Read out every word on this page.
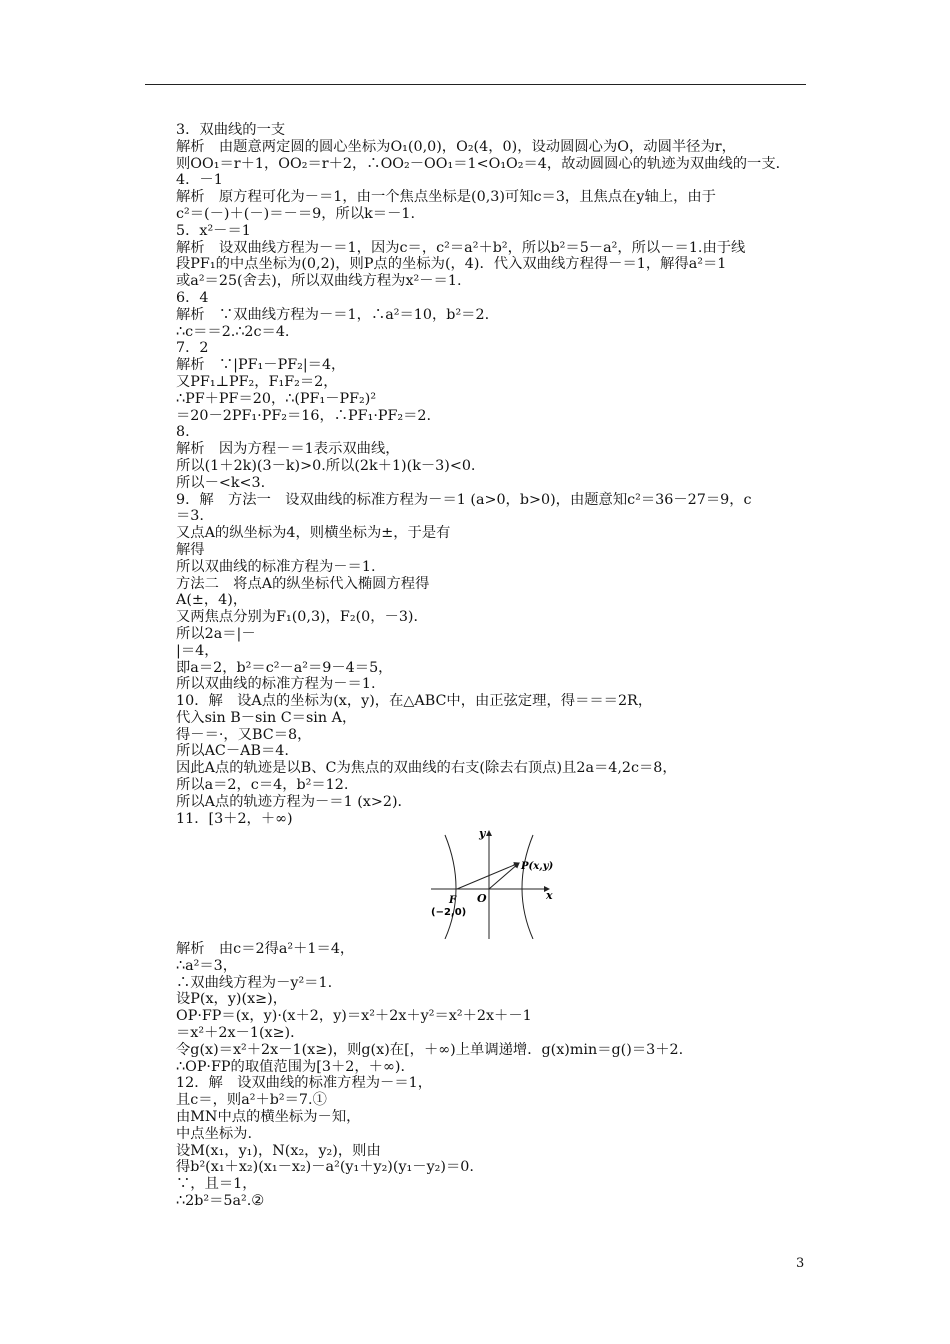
3．双曲线的一支
解析　由题意两定圆的圆心坐标为O₁(0,0)，O₂(4，0)，设动圆圆心为O，动圆半径为r，
则OO₁＝r＋1，OO₂＝r＋2，∴OO₂－OO₁＝1<O₁O₂＝4，故动圆圆心的轨迹为双曲线的一支．
4．－1
解析　原方程可化为－＝1，由一个焦点坐标是(0,3)可知c＝3，且焦点在y轴上，由于
c²＝(－)＋(－)＝－＝9，所以k＝－1.
5．x²－＝1
解析　设双曲线方程为－＝1，因为c＝，c²＝a²＋b²，所以b²＝5－a²，所以－＝1.由于线
段PF₁的中点坐标为(0,2)，则P点的坐标为(，4)．代入双曲线方程得－＝1，解得a²＝1
或a²＝25(舍去)，所以双曲线方程为x²－＝1.
6．4
解析　∵双曲线方程为－＝1，∴a²＝10，b²＝2.
∴c＝＝2.∴2c＝4.
7．2
解析　∵|PF₁－PF₂|＝4，
又PF₁⊥PF₂，F₁F₂＝2，
∴PF＋PF＝20，∴(PF₁－PF₂)²
＝20－2PF₁·PF₂＝16，∴PF₁·PF₂＝2.
8.
解析　因为方程－＝1表示双曲线，
所以(1＋2k)(3－k)>0.所以(2k＋1)(k－3)<0.
所以－<k<3.
9．解　方法一　设双曲线的标准方程为－＝1 (a>0，b>0)，由题意知c²＝36－27＝9，c
＝3.
又点A的纵坐标为4，则横坐标为±，于是有
解得
所以双曲线的标准方程为－＝1.
方法二　将点A的纵坐标代入椭圆方程得
A(±，4)，
又两焦点分别为F₁(0,3)，F₂(0，－3)．
所以2a＝|－
|＝4，
即a＝2，b²＝c²－a²＝9－4＝5，
所以双曲线的标准方程为－＝1.
10．解　设A点的坐标为(x，y)，在△ABC中，由正弦定理，得＝＝＝2R，
代入sin B－sin C＝sin A，
得－＝·，又BC＝8，
所以AC－AB＝4.
因此A点的轨迹是以B、C为焦点的双曲线的右支(除去右顶点)且2a＝4,2c＝8，
所以a＝2，c＝4，b²＝12.
所以A点的轨迹方程为－＝1 (x>2)．
11．[3＋2，＋∞)
y
x
O
F
(−2,0)
P(x,y)
解析　由c＝2得a²＋1＝4，
∴a²＝3，
∴双曲线方程为－y²＝1.
设P(x，y)(x≥)，
OP·FP＝(x，y)·(x＋2，y)＝x²＋2x＋y²＝x²＋2x＋－1
＝x²＋2x－1(x≥)．
令g(x)＝x²＋2x－1(x≥)，则g(x)在[，＋∞)上单调递增．g(x)min＝g()＝3＋2.
∴OP·FP的取值范围为[3＋2，＋∞)．
12．解　设双曲线的标准方程为－＝1，
且c＝，则a²＋b²＝7.①
由MN中点的横坐标为－知，
中点坐标为.
设M(x₁，y₁)，N(x₂，y₂)，则由
得b²(x₁＋x₂)(x₁－x₂)－a²(y₁＋y₂)(y₁－y₂)＝0.
∵，且＝1，
∴2b²＝5a².②
3
